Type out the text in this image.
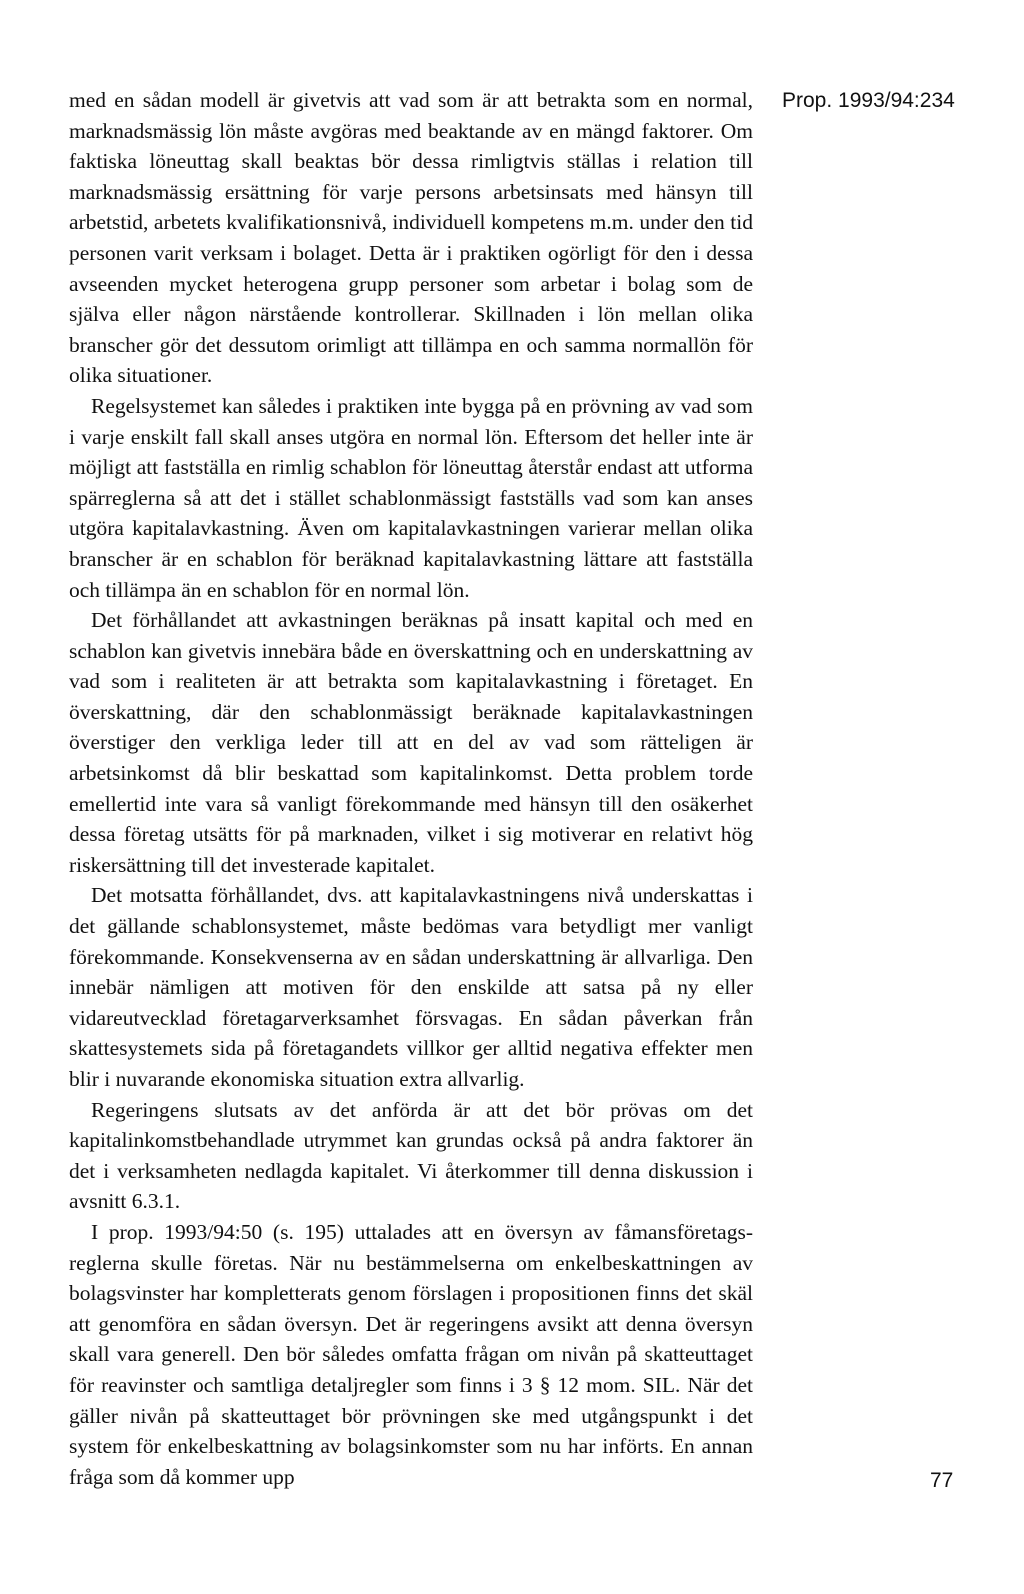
Prop. 1993/94:234

med en sådan modell är givetvis att vad som är att betrakta som en normal, marknadsmässig lön måste avgöras med beaktande av en mängd faktorer. Om faktiska löneuttag skall beaktas bör dessa rimligtvis ställas i relation till marknadsmässig ersättning för varje persons arbetsinsats med hänsyn till arbetstid, arbetets kvalifikationsnivå, individuell kompetens m.m. under den tid personen varit verksam i bolaget. Detta är i praktiken ogörligt för den i dessa avseenden mycket heterogena grupp personer som arbetar i bolag som de själva eller någon närstående kontrollerar. Skillnaden i lön mellan olika branscher gör det dessutom orimligt att tillämpa en och samma normallön för olika situationer.

Regelsystemet kan således i praktiken inte bygga på en prövning av vad som i varje enskilt fall skall anses utgöra en normal lön. Eftersom det heller inte är möjligt att fastställa en rimlig schablon för löneuttag återstår endast att utforma spärreglerna så att det i stället schablonmässigt fastställs vad som kan anses utgöra kapitalavkastning. Även om kapitalavkastningen varierar mellan olika branscher är en schablon för beräknad kapitalavkastning lättare att fastställa och tillämpa än en schablon för en normal lön.

Det förhållandet att avkastningen beräknas på insatt kapital och med en schablon kan givetvis innebära både en överskattning och en underskattning av vad som i realiteten är att betrakta som kapitalavkastning i företaget. En överskattning, där den schablonmässigt beräknade kapitalavkastningen överstiger den verkliga leder till att en del av vad som rätteligen är arbetsinkomst då blir beskattad som kapitalinkomst. Detta problem torde emellertid inte vara så vanligt förekommande med hänsyn till den osäkerhet dessa företag utsätts för på marknaden, vilket i sig motiverar en relativt hög riskersättning till det investerade kapitalet.

Det motsatta förhållandet, dvs. att kapitalavkastningens nivå underskattas i det gällande schablonsystemet, måste bedömas vara betydligt mer vanligt förekommande. Konsekvenserna av en sådan underskattning är allvarliga. Den innebär nämligen att motiven för den enskilde att satsa på ny eller vidareutvecklad företagarverksamhet försvagas. En sådan påverkan från skattesystemets sida på företagandets villkor ger alltid negativa effekter men blir i nuvarande ekonomiska situation extra allvarlig.

Regeringens slutsats av det anförda är att det bör prövas om det kapitalinkomstbehandlade utrymmet kan grundas också på andra faktorer än det i verksamheten nedlagda kapitalet. Vi återkommer till denna diskussion i avsnitt 6.3.1.

I prop. 1993/94:50 (s. 195) uttalades att en översyn av fåmansföretagsreglerna skulle företas. När nu bestämmelserna om enkelbeskattningen av bolagsvinster har kompletterats genom förslagen i propositionen finns det skäl att genomföra en sådan översyn. Det är regeringens avsikt att denna översyn skall vara generell. Den bör således omfatta frågan om nivån på skatteuttaget för reavinster och samtliga detaljregler som finns i 3 § 12 mom. SIL. När det gäller nivån på skatteuttaget bör prövningen ske med utgångspunkt i det system för enkelbeskattning av bolagsinkomster som nu har införts. En annan fråga som då kommer upp	77
